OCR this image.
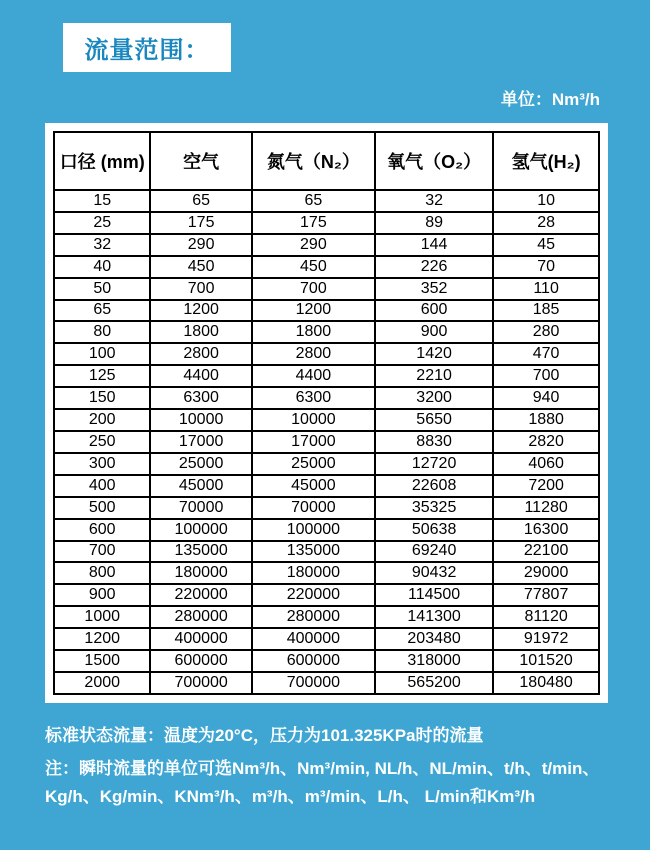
流量范围：
单位：Nm³/h
口径 (mm)	空气	氮气（N₂）	氧气（O₂）	氢气(H₂)
15	65	65	32	10
25	175	175	89	28
32	290	290	144	45
40	450	450	226	70
50	700	700	352	110
65	1200	1200	600	185
80	1800	1800	900	280
100	2800	2800	1420	470
125	4400	4400	2210	700
150	6300	6300	3200	940
200	10000	10000	5650	1880
250	17000	17000	8830	2820
300	25000	25000	12720	4060
400	45000	45000	22608	7200
500	70000	70000	35325	11280
600	100000	100000	50638	16300
700	135000	135000	69240	22100
800	180000	180000	90432	29000
900	220000	220000	114500	77807
1000	280000	280000	141300	81120
1200	400000	400000	203480	91972
1500	600000	600000	318000	101520
2000	700000	700000	565200	180480

标准状态流量：温度为20°C，压力为101.325KPa时的流量

注：瞬时流量的单位可选Nm³/h、Nm³/min, NL/h、NL/min、t/h、t/min、

Kg/h、Kg/min、KNm³/h、m³/h、m³/min、L/h、 L/min和Km³/h
